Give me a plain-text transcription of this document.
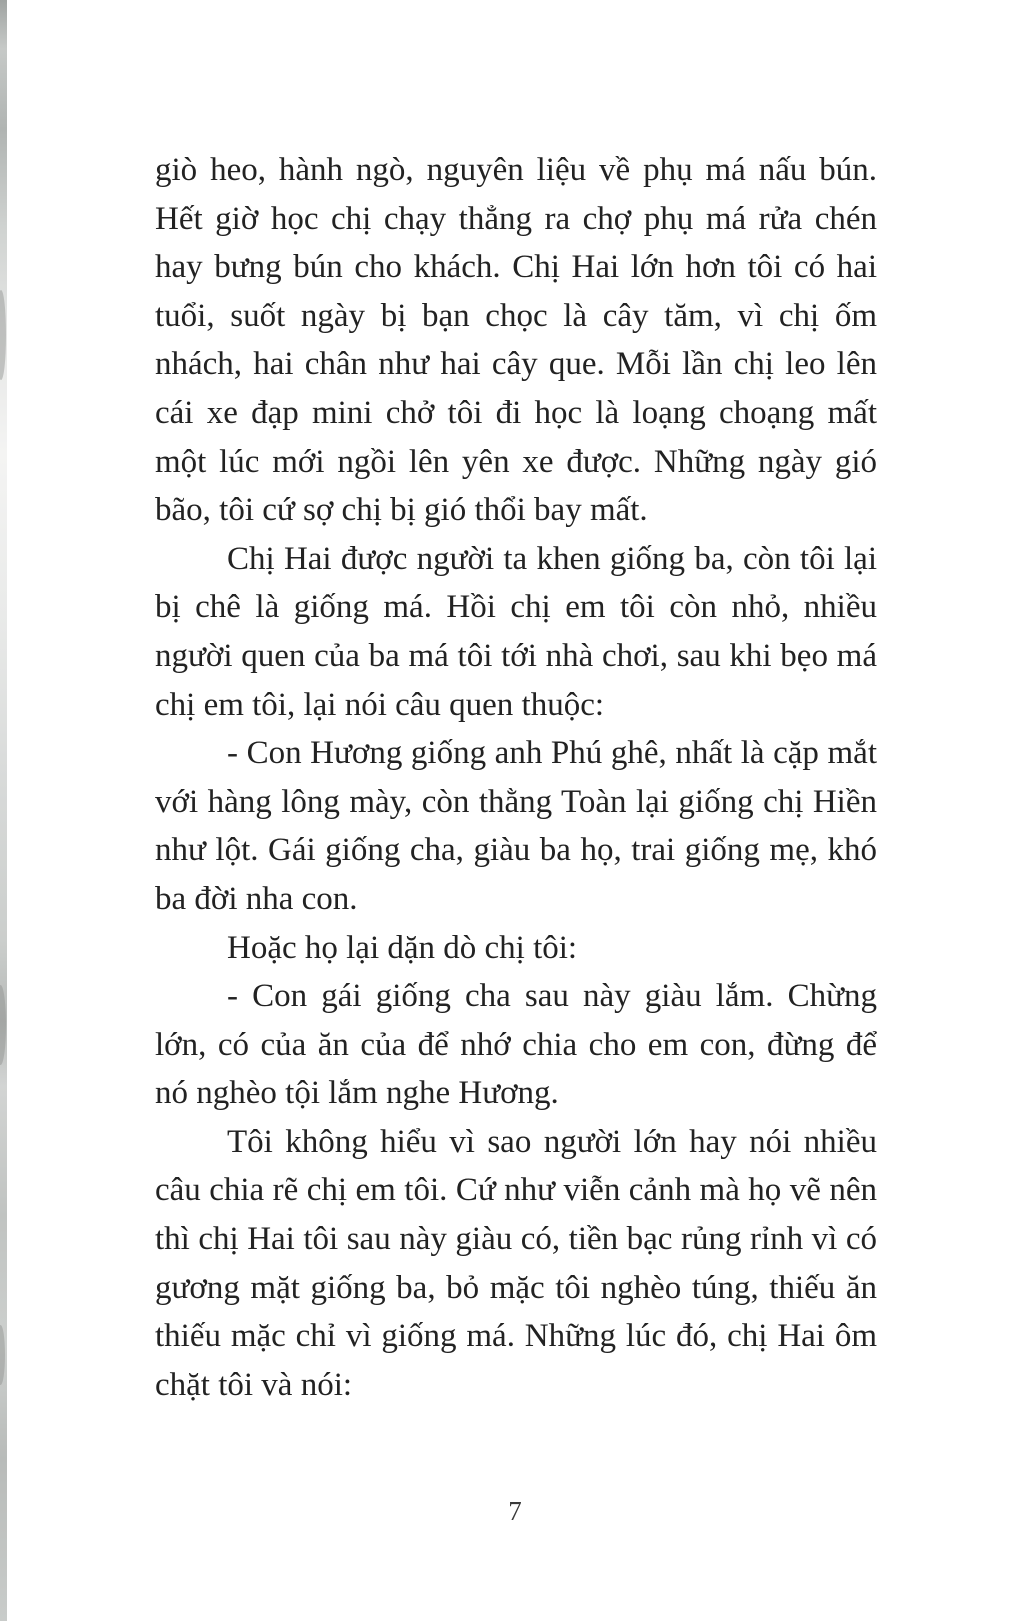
giò heo, hành ngò, nguyên liệu về phụ má nấu bún. Hết giờ học chị chạy thẳng ra chợ phụ má rửa chén hay bưng bún cho khách. Chị Hai lớn hơn tôi có hai tuổi, suốt ngày bị bạn chọc là cây tăm, vì chị ốm nhách, hai chân như hai cây que. Mỗi lần chị leo lên cái xe đạp mini chở tôi đi học là loạng choạng mất một lúc mới ngồi lên yên xe được. Những ngày gió bão, tôi cứ sợ chị bị gió thổi bay mất.

Chị Hai được người ta khen giống ba, còn tôi lại bị chê là giống má. Hồi chị em tôi còn nhỏ, nhiều người quen của ba má tôi tới nhà chơi, sau khi bẹo má chị em tôi, lại nói câu quen thuộc:

- Con Hương giống anh Phú ghê, nhất là cặp mắt với hàng lông mày, còn thằng Toàn lại giống chị Hiền như lột. Gái giống cha, giàu ba họ, trai giống mẹ, khó ba đời nha con.

Hoặc họ lại dặn dò chị tôi:

- Con gái giống cha sau này giàu lắm. Chừng lớn, có của ăn của để nhớ chia cho em con, đừng để nó nghèo tội lắm nghe Hương.

Tôi không hiểu vì sao người lớn hay nói nhiều câu chia rẽ chị em tôi. Cứ như viễn cảnh mà họ vẽ nên thì chị Hai tôi sau này giàu có, tiền bạc rủng rỉnh vì có gương mặt giống ba, bỏ mặc tôi nghèo túng, thiếu ăn thiếu mặc chỉ vì giống má. Những lúc đó, chị Hai ôm chặt tôi và nói:

7
